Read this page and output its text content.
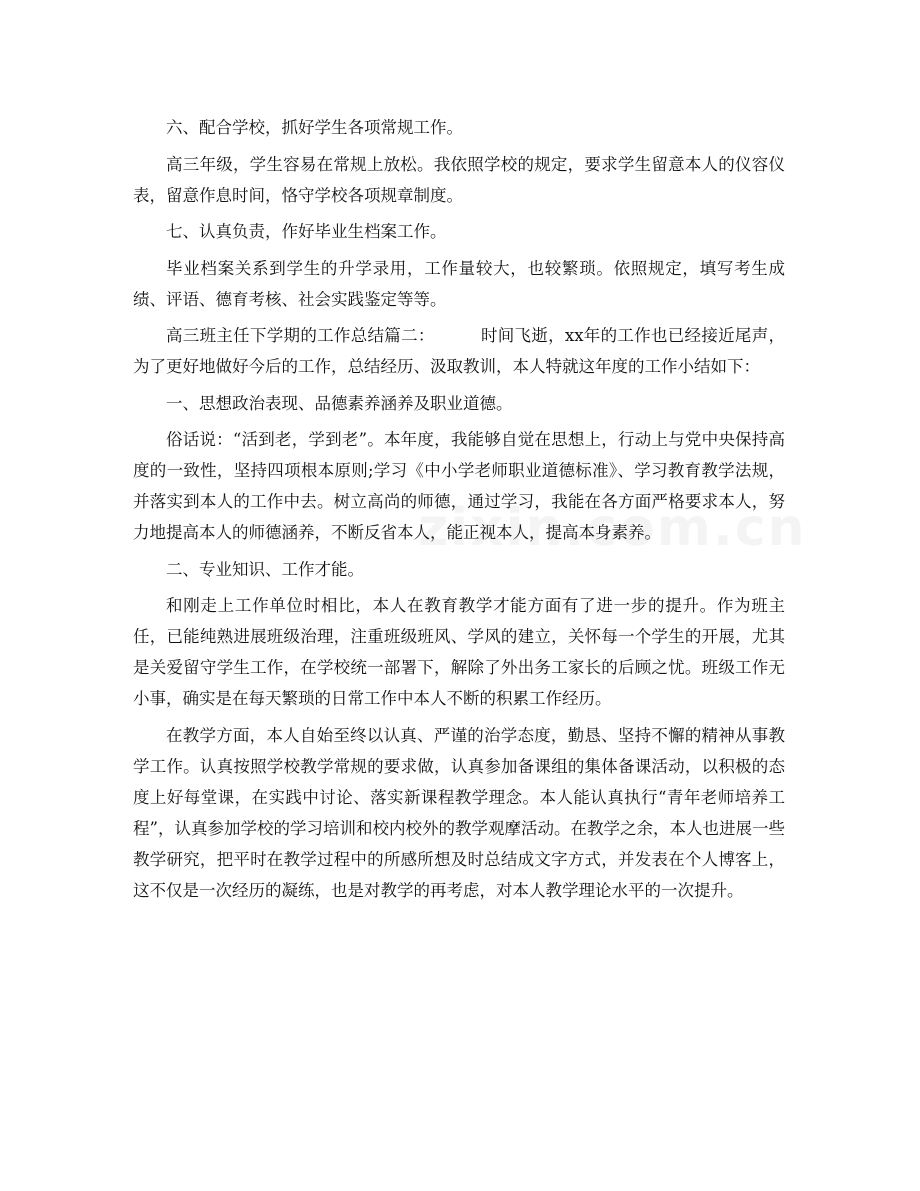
六、配合学校，抓好学生各项常规工作。

高三年级，学生容易在常规上放松。我依照学校的规定，要求学生留意本人的仪容仪表，留意作息时间，恪守学校各项规章制度。

七、认真负责，作好毕业生档案工作。

毕业档案关系到学生的升学录用，工作量较大，也较繁琐。依照规定，填写考生成绩、评语、德育考核、社会实践鉴定等等。

高三班主任下学期的工作总结篇二：	时间飞逝，xx年的工作也已经接近尾声，为了更好地做好今后的工作，总结经历、汲取教训，本人特就这年度的工作小结如下：

一、思想政治表现、品德素养涵养及职业道德。

俗话说：“活到老，学到老”。本年度，我能够自觉在思想上，行动上与党中央保持高度的一致性，坚持四项根本原则;学习《中小学老师职业道德标准》、学习教育教学法规，并落实到本人的工作中去。树立高尚的师德，通过学习，我能在各方面严格要求本人，努力地提高本人的师德涵养，不断反省本人，能正视本人，提高本身素养。

二、专业知识、工作才能。

和刚走上工作单位时相比，本人在教育教学才能方面有了进一步的提升。作为班主任，已能纯熟进展班级治理，注重班级班风、学风的建立，关怀每一个学生的开展，尤其是关爱留守学生工作，在学校统一部署下，解除了外出务工家长的后顾之忧。班级工作无小事，确实是在每天繁琐的日常工作中本人不断的积累工作经历。

在教学方面，本人自始至终以认真、严谨的治学态度，勤恳、坚持不懈的精神从事教学工作。认真按照学校教学常规的要求做，认真参加备课组的集体备课活动，以积极的态度上好每堂课，在实践中讨论、落实新课程教学理念。本人能认真执行“青年老师培养工程”，认真参加学校的学习培训和校内校外的教学观摩活动。在教学之余，本人也进展一些教学研究，把平时在教学过程中的所感所想及时总结成文字方式，并发表在个人博客上，这不仅是一次经历的凝练，也是对教学的再考虑，对本人教学理论水平的一次提升。
